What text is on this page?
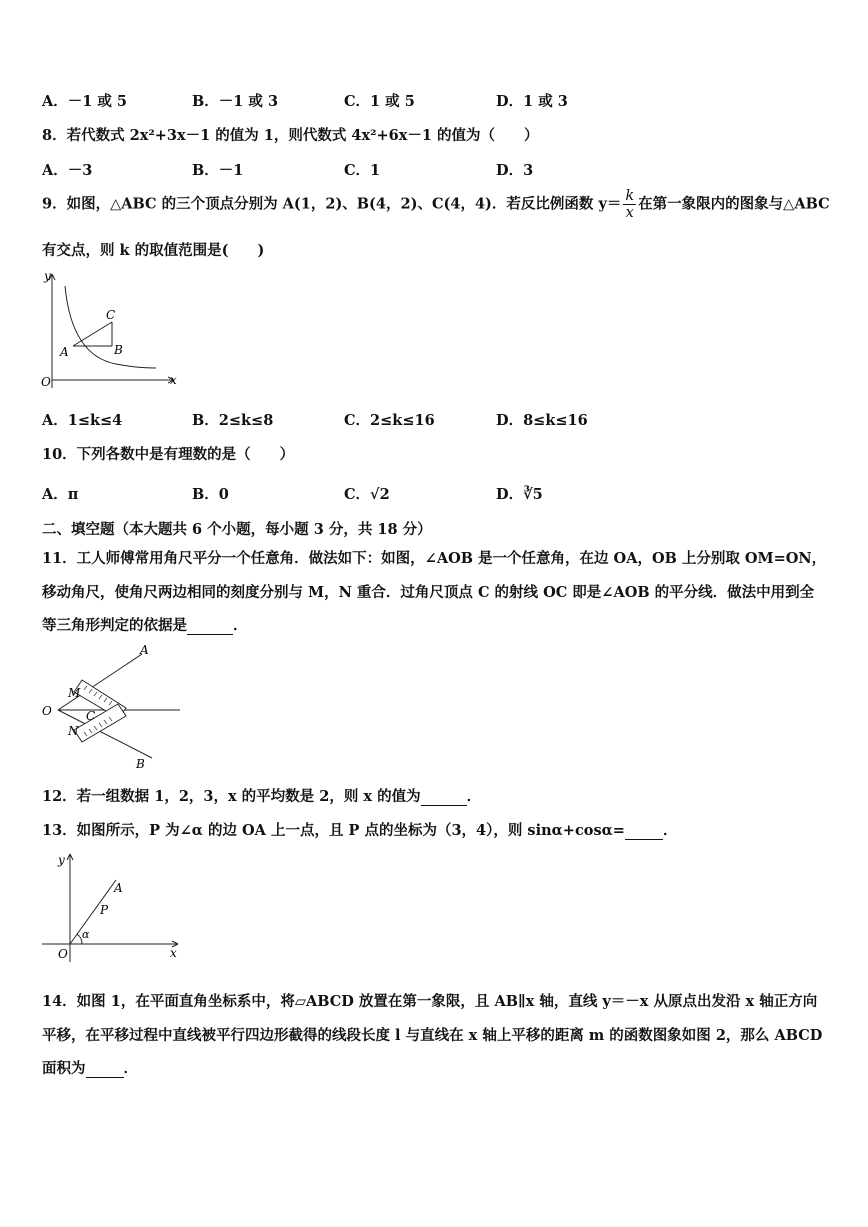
A．－1 或 5	B．－1 或 3	C．1 或 5	D．1 或 3
8．若代数式 2x²+3x－1 的值为 1，则代数式 4x²+6x－1 的值为（　　）
A．－3	B．－1	C．1	D．3
9．如图，△ABC 的三个顶点分别为 A(1，2)、B(4，2)、C(4，4)．若反比例函数 $y= \frac{k}{x}$ 在第一象限内的图象与△ABC
有交点，则 k 的取值范围是(　　)
y
x
O
A	B
C
A．1≤k≤4	B．2≤k≤8	C．2≤k≤16	D．8≤k≤16
10．下列各数中是有理数的是（　　）
A．π	B．0	C．√2	D．∛5
二、填空题（本大题共 6 个小题，每小题 3 分，共 18 分）
11．工人师傅常用角尺平分一个任意角．做法如下：如图，∠AOB 是一个任意角，在边 OA，OB 上分别取 OM=ON，
移动角尺，使角尺两边相同的刻度分别与 M，N 重合．过角尺顶点 C 的射线 OC 即是∠AOB 的平分线．做法中用到全
等三角形判定的依据是	．
A
B
O
M
N
C
12．若一组数据 1，2，3，x 的平均数是 2，则 x 的值为	．
13．如图所示，P 为∠α 的边 OA 上一点，且 P 点的坐标为（3，4），则 sinα+cosα=	．
y
x
O
A
P
α
14．如图 1，在平面直角坐标系中，将▱ABCD 放置在第一象限，且 AB∥x 轴，直线 y＝－x 从原点出发沿 x 轴正方向
平移，在平移过程中直线被平行四边形截得的线段长度 l 与直线在 x 轴上平移的距离 m 的函数图象如图 2，那么 ABCD
面积为	．
